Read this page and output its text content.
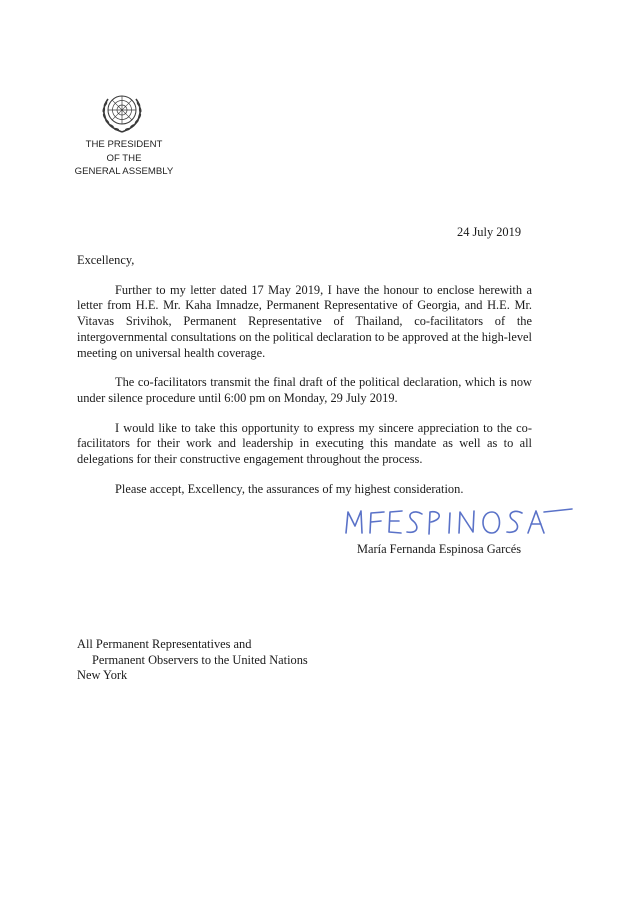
THE PRESIDENT
OF THE
GENERAL ASSEMBLY
24 July 2019

Excellency,

Further to my letter dated 17 May 2019, I have the honour to enclose herewith a letter from H.E. Mr. Kaha Imnadze, Permanent Representative of Georgia, and H.E. Mr. Vitavas Srivihok, Permanent Representative of Thailand, co-facilitators of the intergovernmental consultations on the political declaration to be approved at the high-level meeting on universal health coverage.

The co-facilitators transmit the final draft of the political declaration, which is now under silence procedure until 6:00 pm on Monday, 29 July 2019.

I would like to take this opportunity to express my sincere appreciation to the co-facilitators for their work and leadership in executing this mandate as well as to all delegations for their constructive engagement throughout the process.

Please accept, Excellency, the assurances of my highest consideration.

María Fernanda Espinosa Garcés
All Permanent Representatives and
Permanent Observers to the United Nations
New York
